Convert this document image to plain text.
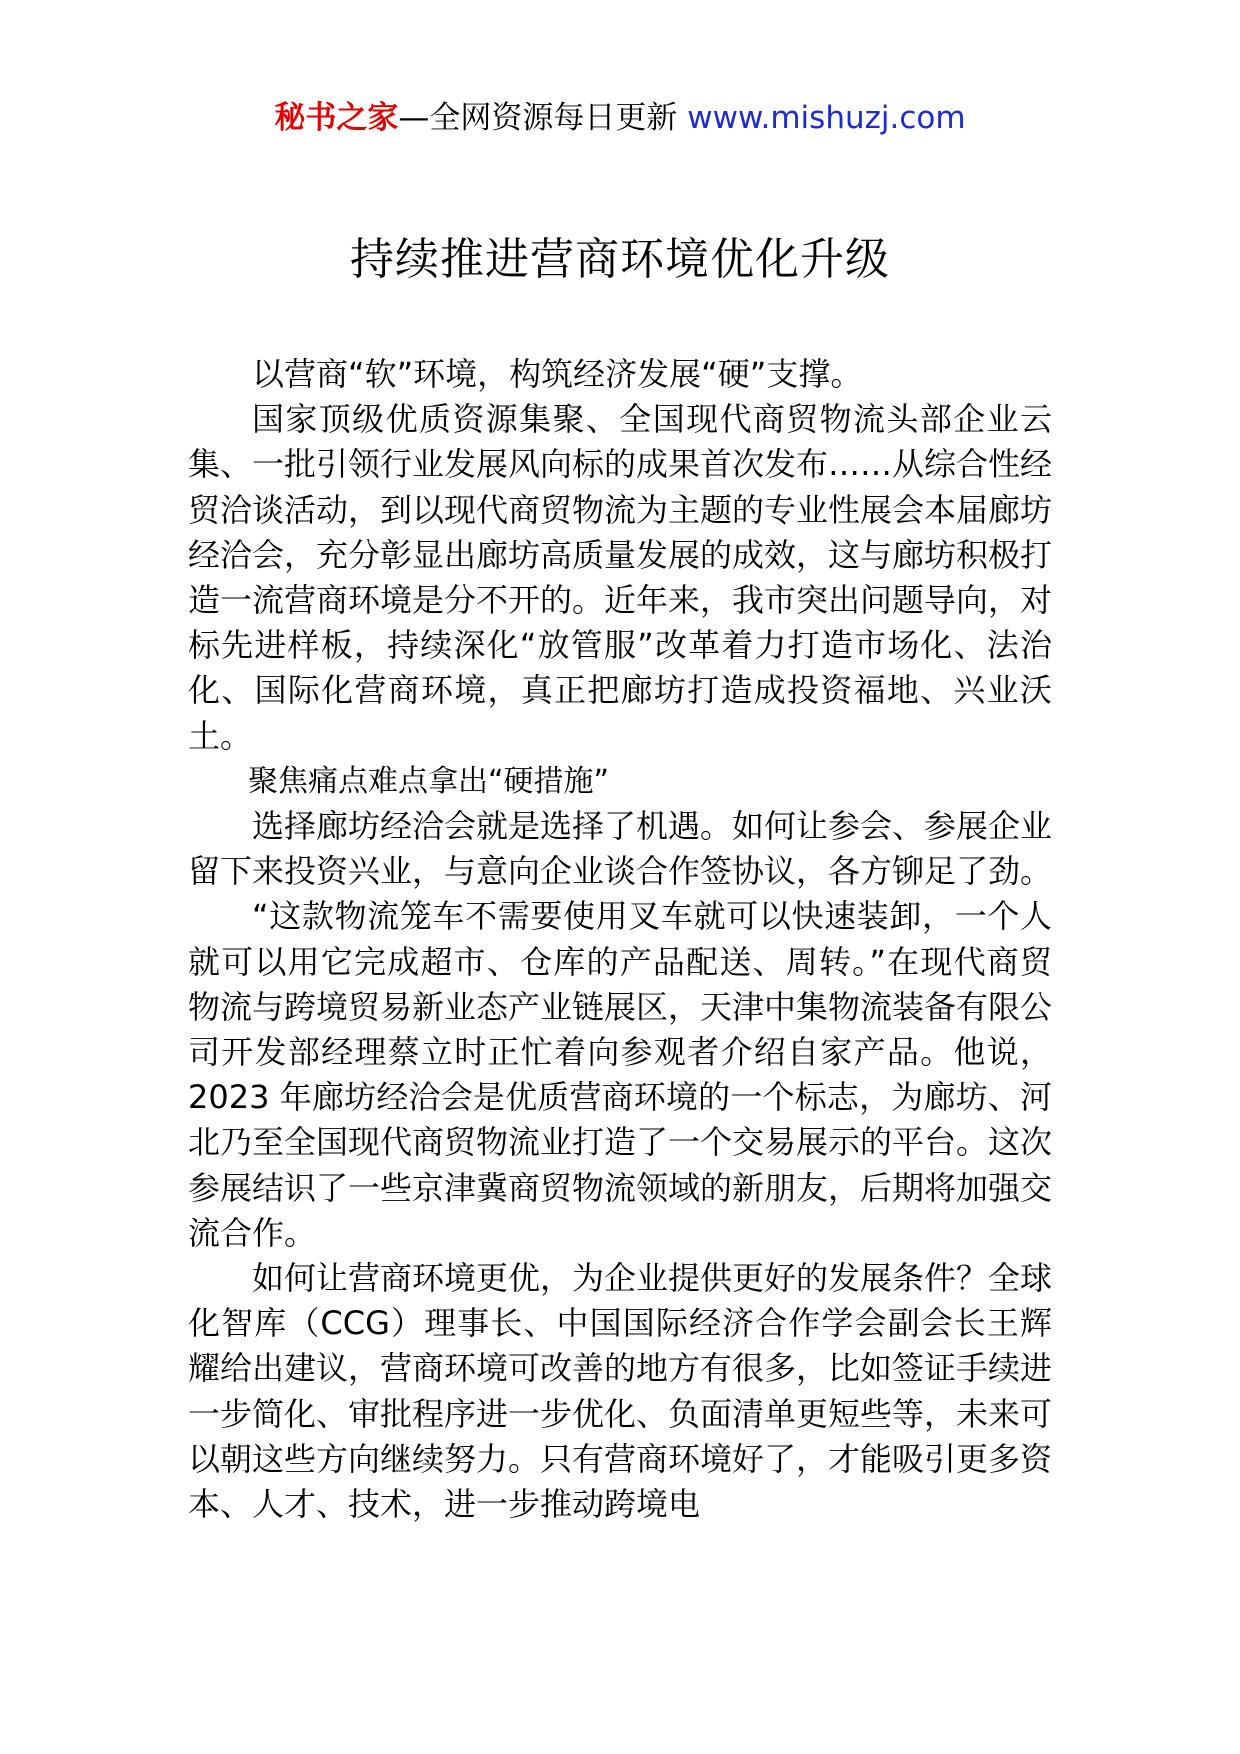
秘书之家—全网资源每日更新 www.mishuzj.com
持续推进营商环境优化升级

以营商“软”环境，构筑经济发展“硬”支撑。

国家顶级优质资源集聚、全国现代商贸物流头部企业云集、一批引领行业发展风向标的成果首次发布……从综合性经贸洽谈活动，到以现代商贸物流为主题的专业性展会本届廊坊经洽会，充分彰显出廊坊高质量发展的成效，这与廊坊积极打造一流营商环境是分不开的。近年来，我市突出问题导向，对标先进样板，持续深化“放管服”改革着力打造市场化、法治化、国际化营商环境，真正把廊坊打造成投资福地、兴业沃土。

聚焦痛点难点拿出“硬措施”

选择廊坊经洽会就是选择了机遇。如何让参会、参展企业留下来投资兴业，与意向企业谈合作签协议，各方铆足了劲。

“这款物流笼车不需要使用叉车就可以快速装卸，一个人就可以用它完成超市、仓库的产品配送、周转。”在现代商贸物流与跨境贸易新业态产业链展区，天津中集物流装备有限公司开发部经理蔡立时正忙着向参观者介绍自家产品。他说，2023 年廊坊经洽会是优质营商环境的一个标志，为廊坊、河北乃至全国现代商贸物流业打造了一个交易展示的平台。这次参展结识了一些京津冀商贸物流领域的新朋友，后期将加强交流合作。

如何让营商环境更优，为企业提供更好的发展条件？全球化智库（CCG）理事长、中国国际经济合作学会副会长王辉耀给出建议，营商环境可改善的地方有很多，比如签证手续进一步简化、审批程序进一步优化、负面清单更短些等，未来可以朝这些方向继续努力。只有营商环境好了，才能吸引更多资本、人才、技术，进一步推动跨境电
